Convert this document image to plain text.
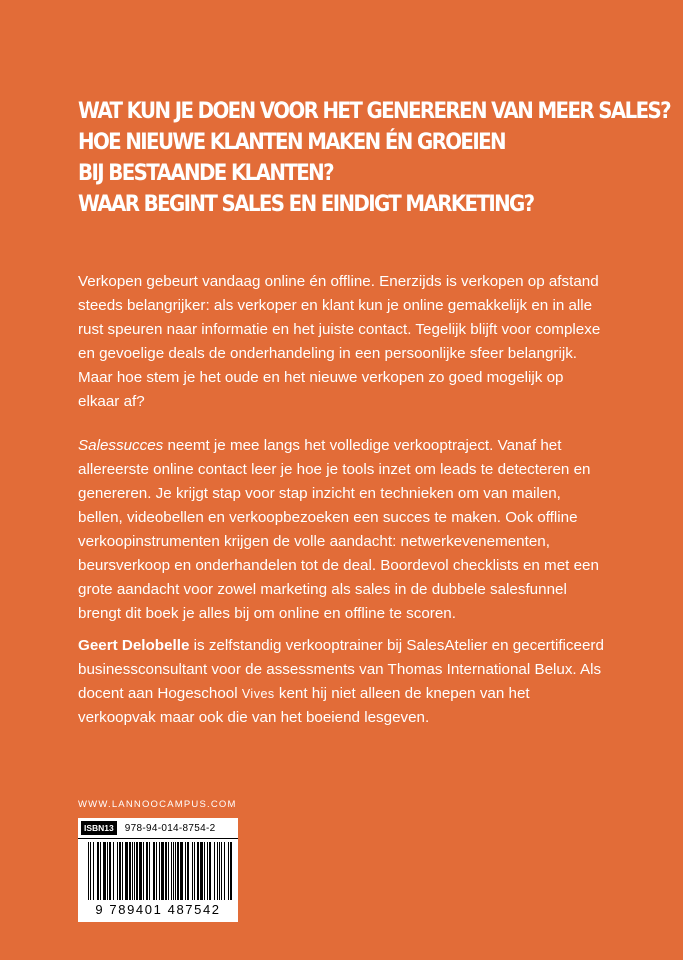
WAT KUN JE DOEN VOOR HET GENEREREN VAN MEER SALES?
HOE NIEUWE KLANTEN MAKEN ÉN GROEIEN
BIJ BESTAANDE KLANTEN?
WAAR BEGINT SALES EN EINDIGT MARKETING?

Verkopen gebeurt vandaag online én offline. Enerzijds is verkopen op afstand steeds belangrijker: als verkoper en klant kun je online gemakkelijk en in alle rust speuren naar informatie en het juiste contact. Tegelijk blijft voor complexe en gevoelige deals de onderhandeling in een persoonlijke sfeer belangrijk. Maar hoe stem je het oude en het nieuwe verkopen zo goed mogelijk op elkaar af?

Salessucces neemt je mee langs het volledige verkooptraject. Vanaf het allereerste online contact leer je hoe je tools inzet om leads te detecteren en genereren. Je krijgt stap voor stap inzicht en technieken om van mailen, bellen, videobellen en verkoopbezoeken een succes te maken. Ook offline verkoopinstrumenten krijgen de volle aandacht: netwerkevenementen, beursverkoop en onderhandelen tot de deal. Boordevol checklists en met een grote aandacht voor zowel marketing als sales in de dubbele salesfunnel brengt dit boek je alles bij om online en offline te scoren.

Geert Delobelle is zelfstandig verkooptrainer bij SalesAtelier en gecertificeerd businessconsultant voor de assessments van Thomas International Belux. Als docent aan Hogeschool Vives kent hij niet alleen de knepen van het verkoopvak maar ook die van het boeiend lesgeven.

WWW.LANNOOCAMPUS.COM
ISBN13	978-94-014-8754-2
9 789401 487542
